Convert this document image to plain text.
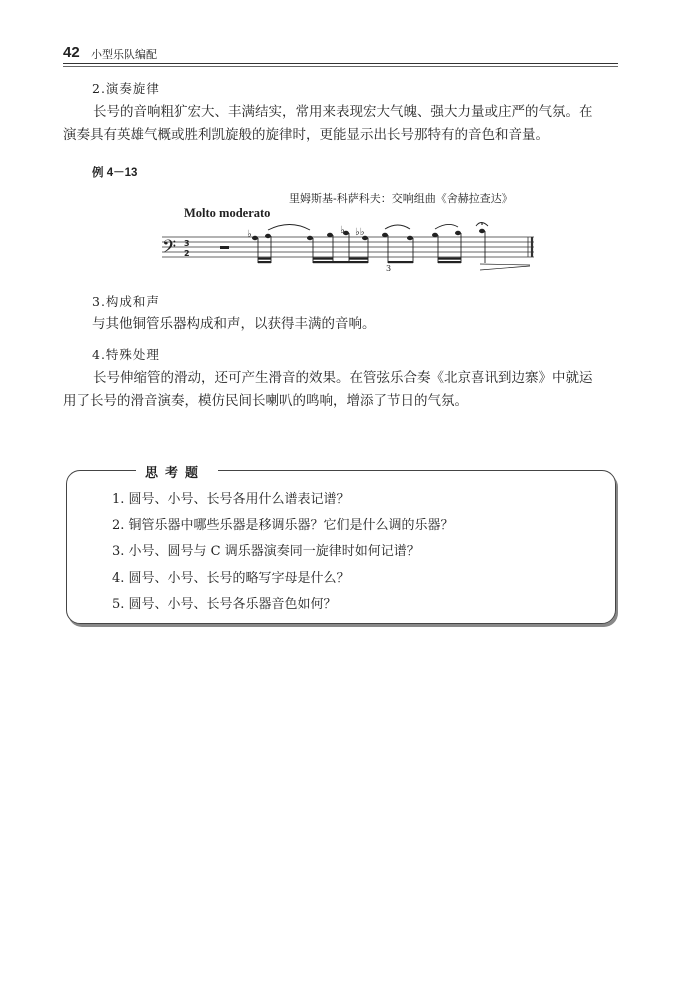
42 小型乐队编配
2.演奏旋律
长号的音响粗犷宏大、丰满结实，常用来表现宏大气魄、强大力量或庄严的气氛。在
演奏具有英雄气概或胜利凯旋般的旋律时，更能显示出长号那特有的音色和音量。
例 4－13
里姆斯基-科萨科夫：交响组曲《舍赫拉查达》
Molto moderato
𝄢 3
2
♭	♭ ♭♭
3
3.构成和声
与其他铜管乐器构成和声，以获得丰满的音响。
4.特殊处理
长号伸缩管的滑动，还可产生滑音的效果。在管弦乐合奏《北京喜讯到边寨》中就运
用了长号的滑音演奏，模仿民间长喇叭的鸣响，增添了节日的气氛。
思考题
1. 圆号、小号、长号各用什么谱表记谱？
2. 铜管乐器中哪些乐器是移调乐器？它们是什么调的乐器？
3. 小号、圆号与 C 调乐器演奏同一旋律时如何记谱？
4. 圆号、小号、长号的略写字母是什么？
5. 圆号、小号、长号各乐器音色如何？
